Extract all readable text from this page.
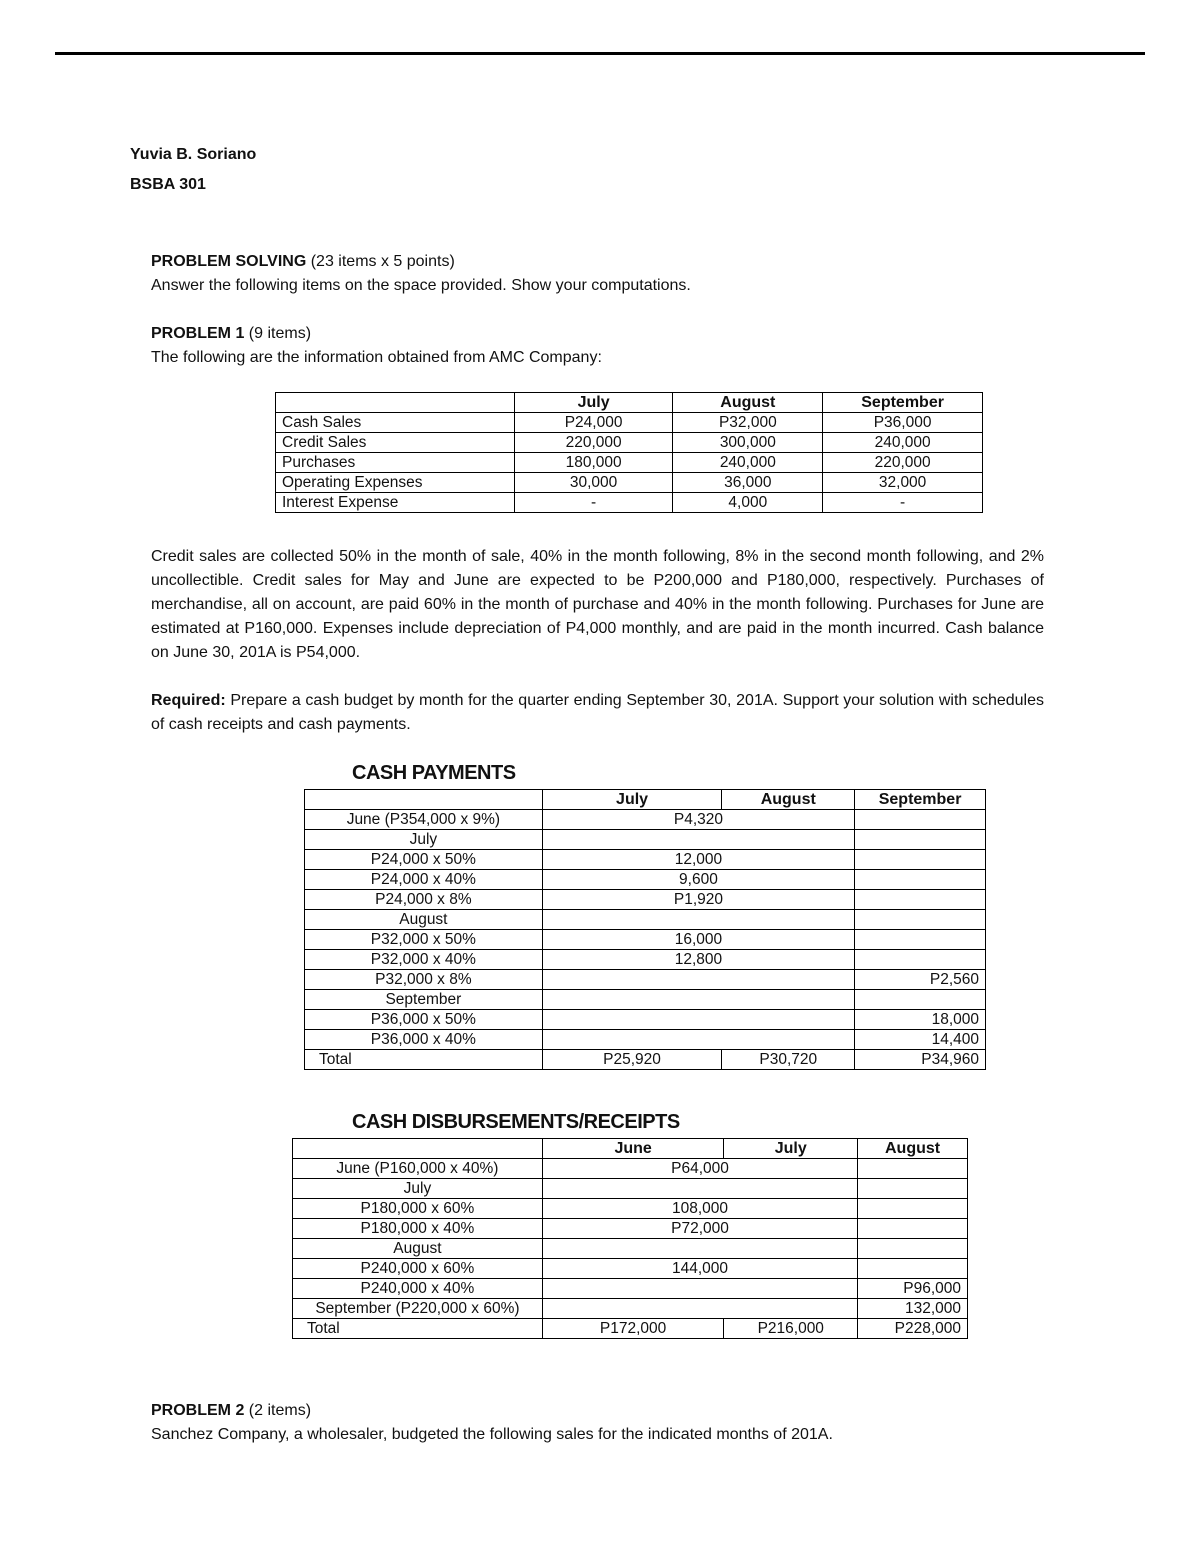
Yuvia B. Soriano
BSBA 301
PROBLEM SOLVING (23 items x 5 points)
Answer the following items on the space provided. Show your computations.
PROBLEM 1 (9 items)
The following are the information obtained from AMC Company:
	July	August	September
Cash Sales	P24,000	P32,000	P36,000
Credit Sales	220,000	300,000	240,000
Purchases	180,000	240,000	220,000
Operating Expenses	30,000	36,000	32,000
Interest Expense	-	4,000	-
Credit sales are collected 50% in the month of sale, 40% in the month following, 8% in the second month following, and 2% uncollectible. Credit sales for May and June are expected to be P200,000 and P180,000, respectively. Purchases of merchandise, all on account, are paid 60% in the month of purchase and 40% in the month following. Purchases for June are estimated at P160,000. Expenses include depreciation of P4,000 monthly, and are paid in the month incurred. Cash balance on June 30, 201A is P54,000.
Required: Prepare a cash budget by month for the quarter ending September 30, 201A. Support your solution with schedules of cash receipts and cash payments.
CASH PAYMENTS
	July	August	September
June (P354,000 x 9%)	P4,320		
July			
P24,000 x 50%	12,000		
P24,000 x 40%	9,600		
P24,000 x 8%	P1,920		
August			
P32,000 x 50%	16,000		
P32,000 x 40%	12,800		
P32,000 x 8%			P2,560
September			
P36,000 x 50%			18,000
P36,000 x 40%			14,400
Total	P25,920	P30,720	P34,960
CASH DISBURSEMENTS/RECEIPTS
	June	July	August
June (P160,000 x 40%)	P64,000		
July			
P180,000 x 60%	108,000		
P180,000 x 40%	P72,000		
August			
P240,000 x 60%	144,000		
P240,000 x 40%			P96,000
September (P220,000 x 60%)			132,000
Total	P172,000	P216,000	P228,000
PROBLEM 2 (2 items)
Sanchez Company, a wholesaler, budgeted the following sales for the indicated months of 201A.
